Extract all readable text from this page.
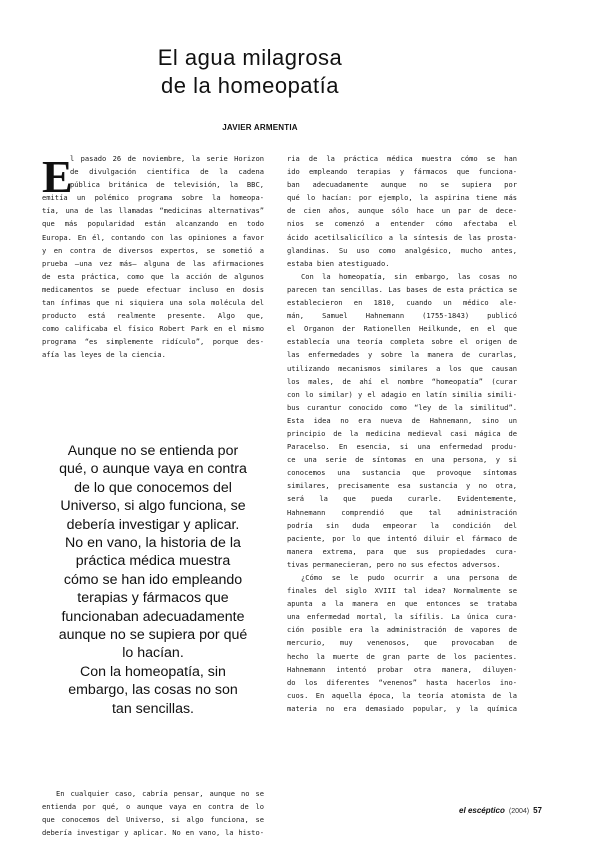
El agua milagrosa
de la homeopatía
JAVIER ARMENTIA
E
l pasado 26 de noviembre, la serie Horizon
de divulgación científica de la cadena
pública británica de televisión, la BBC,
emitía un polémico programa sobre la homeopa-
tía, una de las llamadas “medicinas alternativas”
que más popularidad están alcanzando en todo
Europa. En él, contando con las opiniones a favor
y en contra de diversos expertos, se sometió a
prueba –una vez más– alguna de las afirmaciones
de esta práctica, como que la acción de algunos
medicamentos se puede efectuar incluso en dosis
tan ínfimas que ni siquiera una sola molécula del
producto está realmente presente. Algo que,
como calificaba el físico Robert Park en el mismo
programa “es simplemente ridículo”, porque des-
afía las leyes de la ciencia.
Aunque no se entienda por
qué, o aunque vaya en contra
de lo que conocemos del
Universo, si algo funciona, se
debería investigar y aplicar.
No en vano, la historia de la
práctica médica muestra
cómo se han ido empleando
terapias y fármacos que
funcionaban adecuadamente
aunque no se supiera por qué
lo hacían.
Con la homeopatía, sin
embargo, las cosas no son
tan sencillas.
En cualquier caso, cabría pensar, aunque no se
entienda por qué, o aunque vaya en contra de lo
que conocemos del Universo, si algo funciona, se
debería investigar y aplicar. No en vano, la histo-
ria de la práctica médica muestra cómo se han
ido empleando terapias y fármacos que funciona-
ban adecuadamente aunque no se supiera por
qué lo hacían: por ejemplo, la aspirina tiene más
de cien años, aunque sólo hace un par de dece-
nios se comenzó a entender cómo afectaba el
ácido acetilsalicílico a la síntesis de las prosta-
glandinas. Su uso como analgésico, mucho antes,
estaba bien atestiguado.
Con la homeopatía, sin embargo, las cosas no
parecen tan sencillas. Las bases de esta práctica se
establecieron en 1810, cuando un médico ale-
mán, Samuel Hahnemann (1755-1843) publicó
el Organon der Rationellen Heilkunde, en el que
establecía una teoría completa sobre el origen de
las enfermedades y sobre la manera de curarlas,
utilizando mecanismos similares a los que causan
los males, de ahí el nombre “homeopatía” (curar
con lo similar) y el adagio en latín similia simili-
bus curantur conocido como “ley de la similitud”.
Esta idea no era nueva de Hahnemann, sino un
principio de la medicina medieval casi mágica de
Paracelso. En esencia, si una enfermedad produ-
ce una serie de síntomas en una persona, y si
conocemos una sustancia que provoque síntomas
similares, precisamente esa sustancia y no otra,
será la que pueda curarle. Evidentemente,
Hahnemann comprendió que tal administración
podría sin duda empeorar la condición del
paciente, por lo que intentó diluir el fármaco de
manera extrema, para que sus propiedades cura-
tivas permanecieran, pero no sus efectos adversos.
¿Cómo se le pudo ocurrir a una persona de
finales del siglo XVIII tal idea? Normalmente se
apunta a la manera en que entonces se trataba
una enfermedad mortal, la sífilis. La única cura-
ción posible era la administración de vapores de
mercurio, muy venenosos, que provocaban de
hecho la muerte de gran parte de los pacientes.
Hahnemann intentó probar otra manera, diluyen-
do los diferentes “venenos” hasta hacerlos ino-
cuos. En aquella época, la teoría atomista de la
materia no era demasiado popular, y la química
el escéptico (2004) 57
